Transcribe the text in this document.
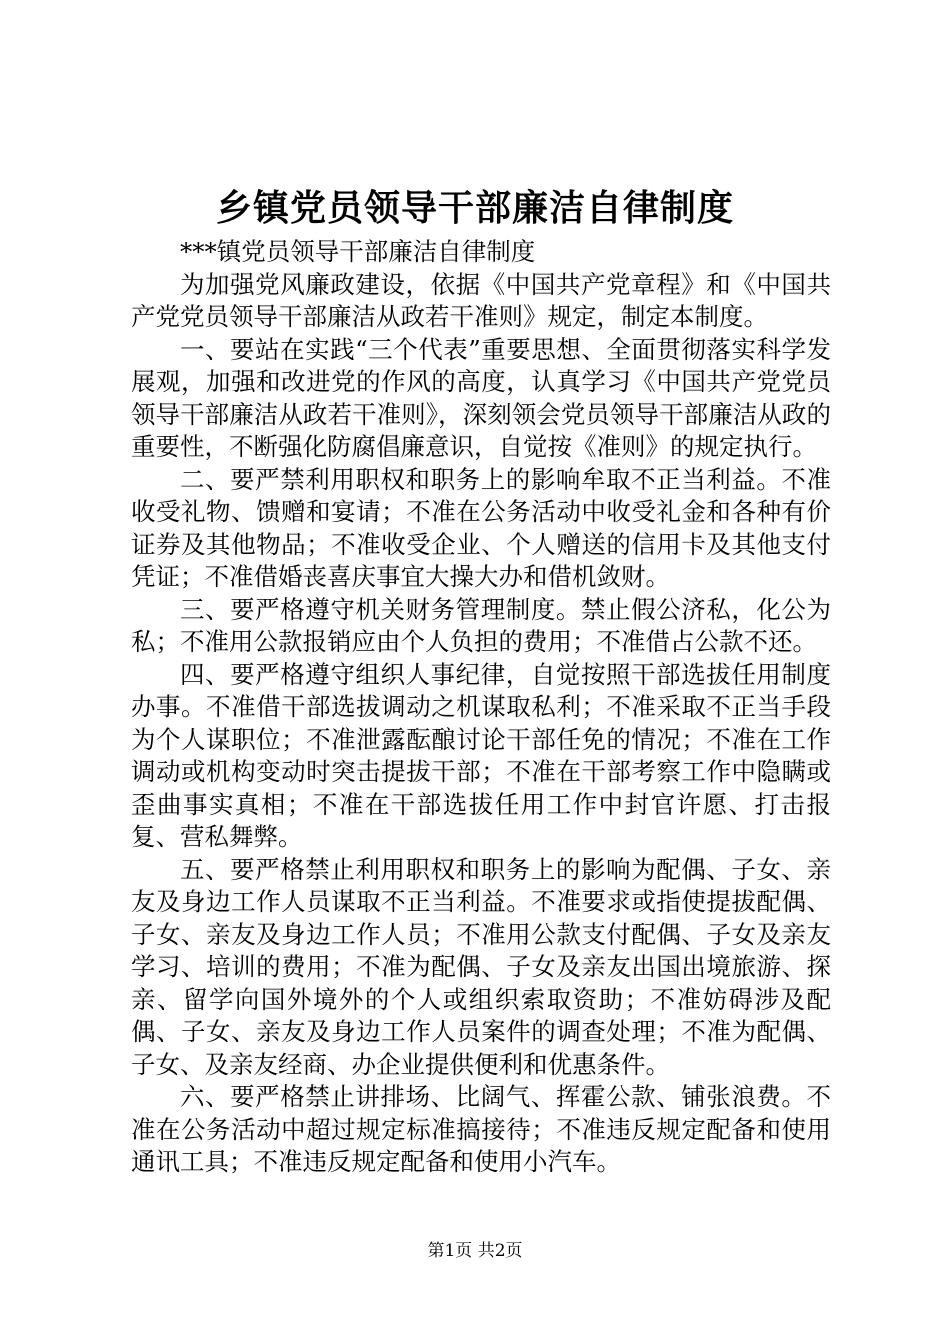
乡镇党员领导干部廉洁自律制度

***镇党员领导干部廉洁自律制度

为加强党风廉政建设，依据《中国共产党章程》和《中国共产党党员领导干部廉洁从政若干准则》规定，制定本制度。

一、要站在实践“三个代表”重要思想、全面贯彻落实科学发展观，加强和改进党的作风的高度，认真学习《中国共产党党员领导干部廉洁从政若干准则》，深刻领会党员领导干部廉洁从政的重要性，不断强化防腐倡廉意识，自觉按《准则》的规定执行。

二、要严禁利用职权和职务上的影响牟取不正当利益。不准收受礼物、馈赠和宴请；不准在公务活动中收受礼金和各种有价证券及其他物品；不准收受企业、个人赠送的信用卡及其他支付凭证；不准借婚丧喜庆事宜大操大办和借机敛财。

三、要严格遵守机关财务管理制度。禁止假公济私，化公为私；不准用公款报销应由个人负担的费用；不准借占公款不还。

四、要严格遵守组织人事纪律，自觉按照干部选拔任用制度办事。不准借干部选拔调动之机谋取私利；不准采取不正当手段为个人谋职位；不准泄露酝酿讨论干部任免的情况；不准在工作调动或机构变动时突击提拔干部；不准在干部考察工作中隐瞒或歪曲事实真相；不准在干部选拔任用工作中封官许愿、打击报复、营私舞弊。

五、要严格禁止利用职权和职务上的影响为配偶、子女、亲友及身边工作人员谋取不正当利益。不准要求或指使提拔配偶、子女、亲友及身边工作人员；不准用公款支付配偶、子女及亲友学习、培训的费用；不准为配偶、子女及亲友出国出境旅游、探亲、留学向国外境外的个人或组织索取资助；不准妨碍涉及配偶、子女、亲友及身边工作人员案件的调查处理；不准为配偶、子女、及亲友经商、办企业提供便利和优惠条件。

六、要严格禁止讲排场、比阔气、挥霍公款、铺张浪费。不准在公务活动中超过规定标准搞接待；不准违反规定配备和使用通讯工具；不准违反规定配备和使用小汽车。

第1页 共2页
